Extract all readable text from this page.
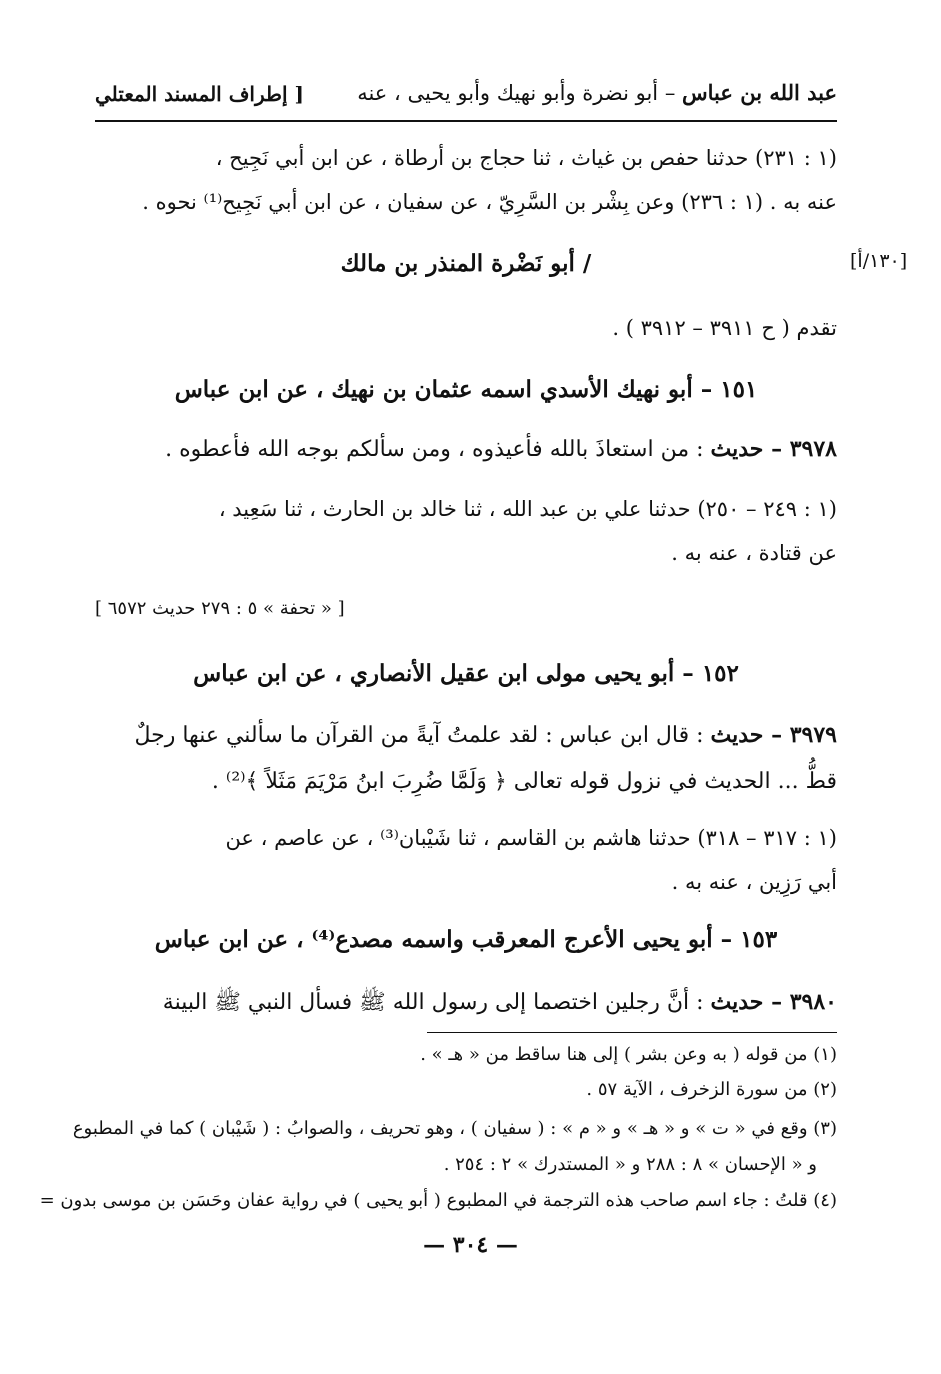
عبد الله بن عباس – أبو نضرة وأبو نهيك وأبو يحيى ، عنه
[ إطراف المسند المعتلي
(١ : ٢٣١) حدثنا حفص بن غياث ، ثنا حجاج بن أرطاة ، عن ابن أبي نَجِيح ،
عنه به . (١ : ٢٣٦) وعن بِشْر بن السَّرِيّ ، عن سفيان ، عن ابن أبي نَجِيح⁽¹⁾ نحوه .
[١٣٠/أ]
/ أبو نَضْرة المنذر بن مالك
تقدم ( ح ٣٩١١ – ٣٩١٢ ) .
١٥١ – أبو نهيك الأسدي اسمه عثمان بن نهيك ، عن ابن عباس
٣٩٧٨ – حديث : من استعاذَ بالله فأعيذوه ، ومن سألكم بوجه الله فأعطوه .
(١ : ٢٤٩ – ٢٥٠) حدثنا علي بن عبد الله ، ثنا خالد بن الحارث ، ثنا سَعِيد ،
عن قتادة ، عنه به .
[ « تحفة » ٥ : ٢٧٩ حديث ٦٥٧٢ ]
١٥٢ – أبو يحيى مولى ابن عقيل الأنصاري ، عن ابن عباس
٣٩٧٩ – حديث : قال ابن عباس : لقد علمتُ آيةً من القرآن ما سألني عنها رجلٌ
قطُّ ... الحديث في نزول قوله تعالى ﴿ وَلَمَّا ضُرِبَ ابنُ مَرْيَمَ مَثَلاً ﴾⁽²⁾ .
(١ : ٣١٧ – ٣١٨) حدثنا هاشم بن القاسم ، ثنا شَيْبان⁽³⁾ ، عن عاصم ، عن
أبي رَزِين ، عنه به .
١٥٣ – أبو يحيى الأعرج المعرقب واسمه مصدع⁽⁴⁾ ، عن ابن عباس
٣٩٨٠ – حديث : أنَّ رجلين اختصما إلى رسول الله ﷺ فسأل النبي ﷺ البينة
(١) من قوله ( به وعن بشر ) إلى هنا ساقط من « هـ » .
(٢) من سورة الزخرف ، الآية ٥٧ .
(٣) وقع في « ت » و « هـ » و « م » : ( سفيان ) ، وهو تحريف ، والصوابُ : ( شَيْبان ) كما في المطبوع
و « الإحسان » ٨ : ٢٨٨ و « المستدرك » ٢ : ٢٥٤ .
(٤) قلتُ : جاء اسم صاحب هذه الترجمة في المطبوع ( أبو يحيى ) في رواية عفان وحَسَن بن موسى بدون =
— ٣٠٤ —
